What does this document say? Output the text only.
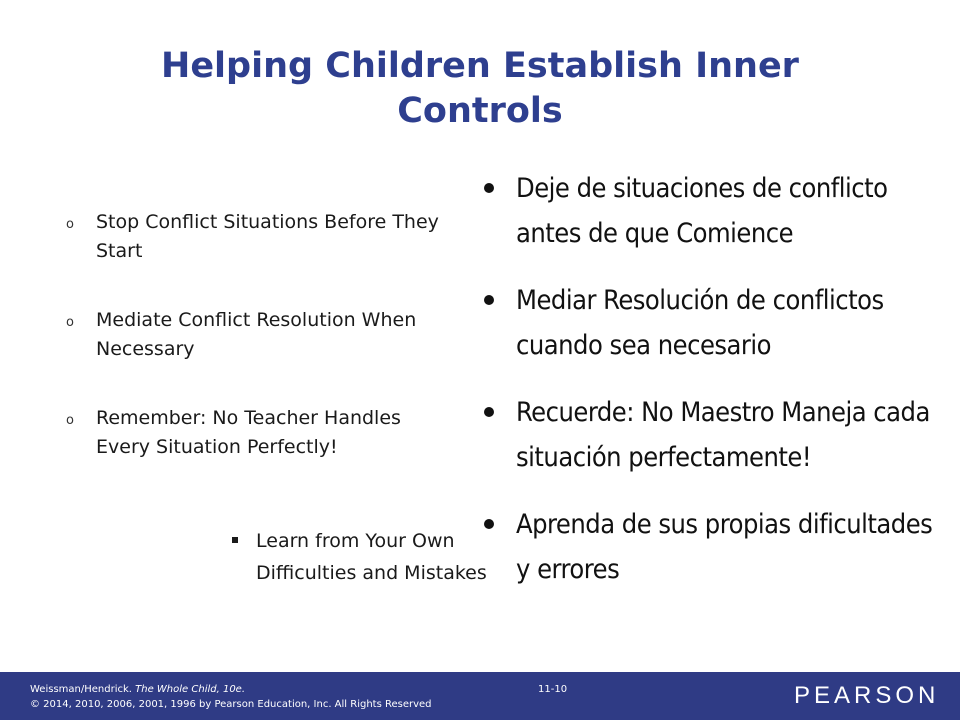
Helping Children Establish Inner Controls
o Stop Conflict Situations Before They Start
o Mediate Conflict Resolution When Necessary
o Remember: No Teacher Handles Every Situation Perfectly!
Learn from Your Own Difficulties and Mistakes
Deje de situaciones de conflicto antes de que Comience
Mediar Resolución de conflictos cuando sea necesario
Recuerde: No Maestro Maneja cada situación perfectamente!
Aprenda de sus propias dificultades y errores
Weissman/Hendrick. The Whole Child, 10e.
© 2014, 2010, 2006, 2001, 1996 by Pearson Education, Inc. All Rights Reserved
11-10	PEARSON
